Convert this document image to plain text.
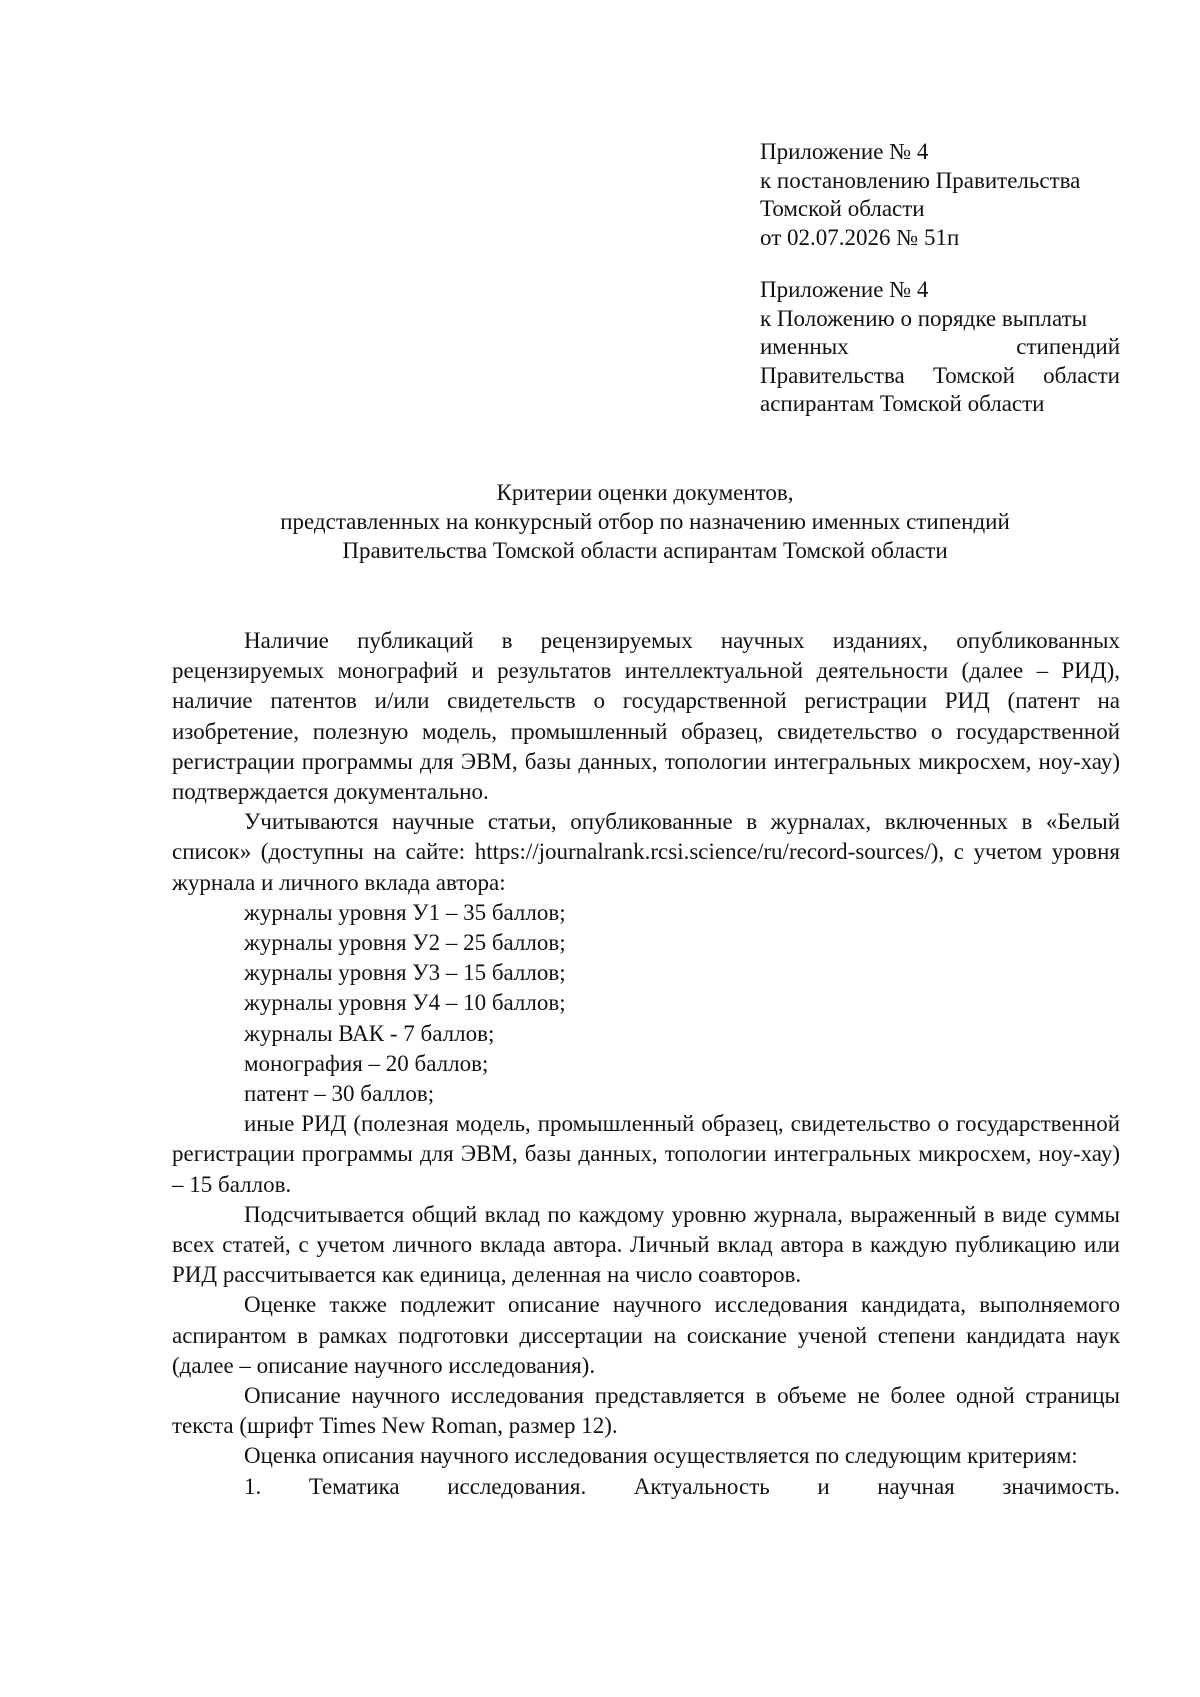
Приложение № 4
к постановлению Правительства
Томской области
от 02.07.2026 № 51п
Приложение № 4
к Положению о порядке выплаты
именных стипендий
Правительства Томской области
аспирантам Томской области
Критерии оценки документов,
представленных на конкурсный отбор по назначению именных стипендий
Правительства Томской области аспирантам Томской области

Наличие публикаций в рецензируемых научных изданиях, опубликованных рецензируемых монографий и результатов интеллектуальной деятельности (далее – РИД), наличие патентов и/или свидетельств о государственной регистрации РИД (патент на изобретение, полезную модель, промышленный образец, свидетельство о государственной регистрации программы для ЭВМ, базы данных, топологии интегральных микросхем, ноу-хау) подтверждается документально.

Учитываются научные статьи, опубликованные в журналах, включенных в «Белый список» (доступны на сайте: https://journalrank.rcsi.science/ru/record-sources/), с учетом уровня журнала и личного вклада автора:

журналы уровня У1 – 35 баллов;
журналы уровня У2 – 25 баллов;
журналы уровня У3 – 15 баллов;
журналы уровня У4 – 10 баллов;
журналы ВАК - 7 баллов;
монография – 20 баллов;
патент – 30 баллов;

иные РИД (полезная модель, промышленный образец, свидетельство о государственной регистрации программы для ЭВМ, базы данных, топологии интегральных микросхем, ноу-хау) – 15 баллов.

Подсчитывается общий вклад по каждому уровню журнала, выраженный в виде суммы всех статей, с учетом личного вклада автора. Личный вклад автора в каждую публикацию или РИД рассчитывается как единица, деленная на число соавторов.

Оценке также подлежит описание научного исследования кандидата, выполняемого аспирантом в рамках подготовки диссертации на соискание ученой степени кандидата наук (далее – описание научного исследования).

Описание научного исследования представляется в объеме не более одной страницы текста (шрифт Times New Roman, размер 12).

Оценка описания научного исследования осуществляется по следующим критериям:

1. Тематика исследования. Актуальность и научная значимость.
